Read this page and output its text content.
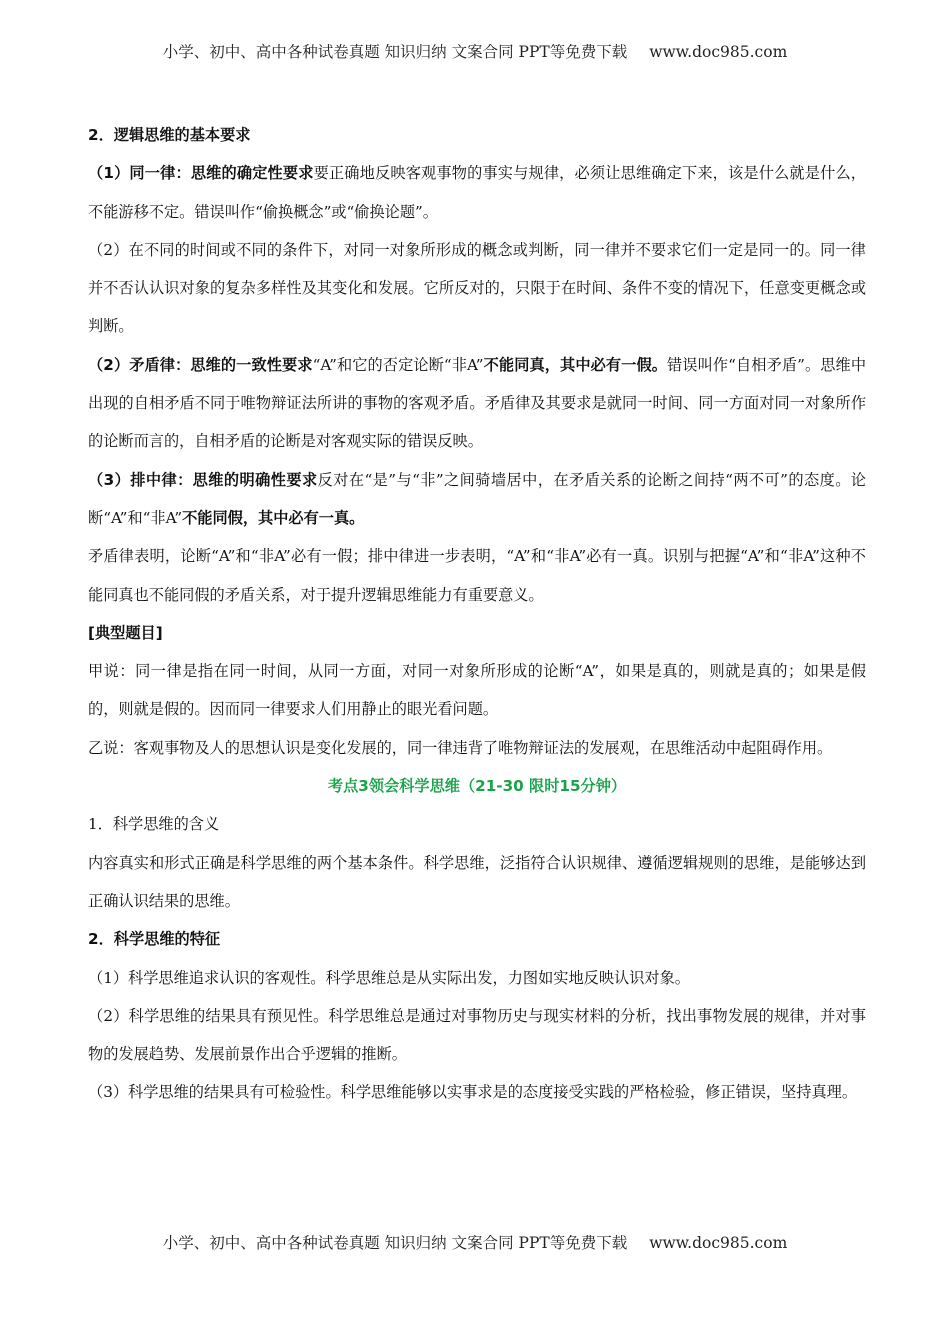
小学、初中、高中各种试卷真题 知识归纳 文案合同 PPT等免费下载 www.doc985.com

2．逻辑思维的基本要求

（1）同一律：思维的确定性要求要正确地反映客观事物的事实与规律，必须让思维确定下来，该是什么就是什么，不能游移不定。错误叫作“偷换概念”或“偷换论题”。

（2）在不同的时间或不同的条件下，对同一对象所形成的概念或判断，同一律并不要求它们一定是同一的。同一律并不否认认识对象的复杂多样性及其变化和发展。它所反对的，只限于在时间、条件不变的情况下，任意变更概念或判断。

（2）矛盾律：思维的一致性要求“A”和它的否定论断“非A”不能同真，其中必有一假。错误叫作“自相矛盾”。思维中出现的自相矛盾不同于唯物辩证法所讲的事物的客观矛盾。矛盾律及其要求是就同一时间、同一方面对同一对象所作的论断而言的，自相矛盾的论断是对客观实际的错误反映。

（3）排中律：思维的明确性要求反对在“是”与“非”之间骑墙居中，在矛盾关系的论断之间持“两不可”的态度。论断“A”和“非A”不能同假，其中必有一真。

矛盾律表明，论断“A”和“非A”必有一假；排中律进一步表明，“A”和“非A”必有一真。识别与把握“A”和“非A”这种不能同真也不能同假的矛盾关系，对于提升逻辑思维能力有重要意义。

[典型题目]

甲说：同一律是指在同一时间，从同一方面，对同一对象所形成的论断“A”，如果是真的，则就是真的；如果是假的，则就是假的。因而同一律要求人们用静止的眼光看问题。

乙说：客观事物及人的思想认识是变化发展的，同一律违背了唯物辩证法的发展观，在思维活动中起阻碍作用。

考点3领会科学思维（21-30 限时15分钟）

1．科学思维的含义

内容真实和形式正确是科学思维的两个基本条件。科学思维，泛指符合认识规律、遵循逻辑规则的思维，是能够达到正确认识结果的思维。

2．科学思维的特征

（1）科学思维追求认识的客观性。科学思维总是从实际出发，力图如实地反映认识对象。

（2）科学思维的结果具有预见性。科学思维总是通过对事物历史与现实材料的分析，找出事物发展的规律，并对事物的发展趋势、发展前景作出合乎逻辑的推断。

（3）科学思维的结果具有可检验性。科学思维能够以实事求是的态度接受实践的严格检验，修正错误，坚持真理。

小学、初中、高中各种试卷真题 知识归纳 文案合同 PPT等免费下载 www.doc985.com
